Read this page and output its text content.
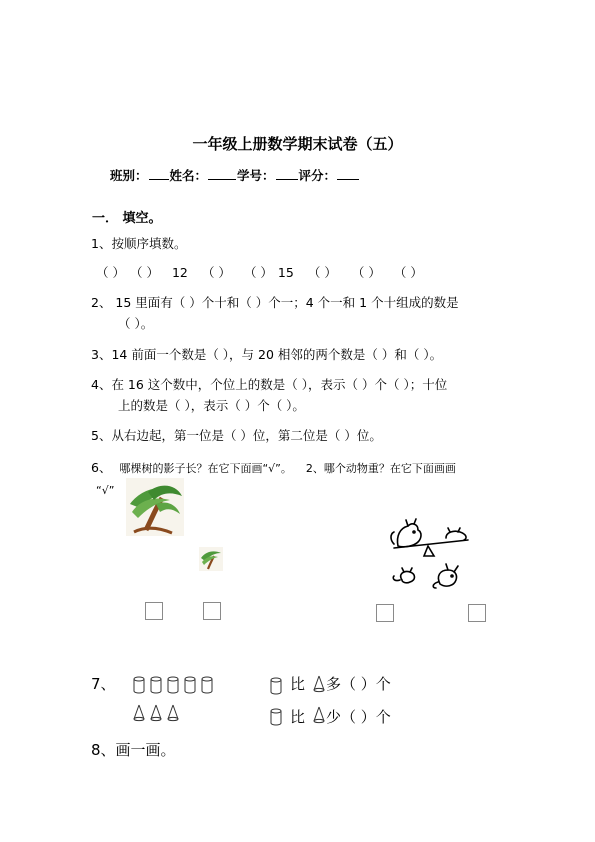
一年级上册数学期末试卷（五）
班别： 姓名： 学号： 评分：
一． 填空。
1、按顺序填数。
（ ） （ ） 12 （ ） （ ） 15 （ ） （ ） （ ）
2、 15 里面有（ ）个十和（ ）个一；4 个一和 1 个十组成的数是
（ ）。
3、14 前面一个数是（ ），与 20 相邻的两个数是（ ）和（ ）。
4、在 16 这个数中，个位上的数是（ ），表示（ ）个（ ）；十位
上的数是（ ），表示（ ）个（ ）。
5、从右边起，第一位是（ ）位，第二位是（ ）位。
6、 哪棵树的影子长？在它下面画“√”。 2、哪个动物重？在它下面画画
“√”
7、	比 多（ ）个
比 少（ ）个
8、画一画。
